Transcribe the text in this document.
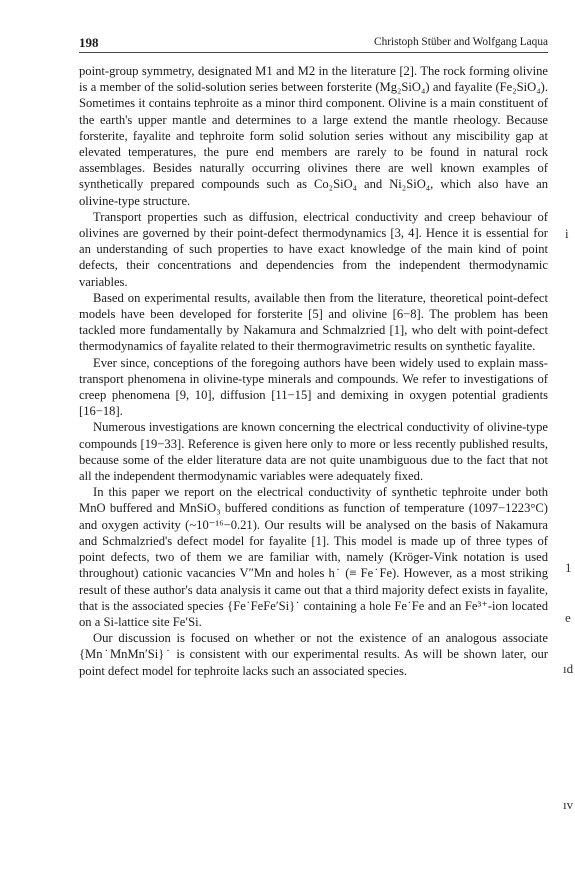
198	Christoph Stüber and Wolfgang Laqua

point-group symmetry, designated M1 and M2 in the literature [2]. The rock forming olivine is a member of the solid-solution series between forsterite (Mg₂SiO₄) and fayalite (Fe₂SiO₄). Sometimes it contains tephroite as a minor third component. Olivine is a main constituent of the earth's upper mantle and determines to a large extend the mantle rheology. Because forsterite, fayalite and tephroite form solid solution series without any miscibility gap at elevated temperatures, the pure end members are rarely to be found in natural rock assemblages. Besides naturally occurring olivines there are well known examples of synthetically prepared compounds such as Co₂SiO₄ and Ni₂SiO₄, which also have an olivine-type structure.

Transport properties such as diffusion, electrical conductivity and creep behaviour of olivines are governed by their point-defect thermodynamics [3, 4]. Hence it is essential for an understanding of such properties to have exact knowledge of the main kind of point defects, their concentrations and dependencies from the independent thermodynamic variables.

Based on experimental results, available then from the literature, theoretical point-defect models have been developed for forsterite [5] and olivine [6−8]. The problem has been tackled more fundamentally by Nakamura and Schmalzried [1], who delt with point-defect thermodynamics of fayalite related to their thermogravimetric results on synthetic fayalite.

Ever since, conceptions of the foregoing authors have been widely used to explain mass-transport phenomena in olivine-type minerals and compounds. We refer to investigations of creep phenomena [9, 10], diffusion [11−15] and demixing in oxygen potential gradients [16−18].

Numerous investigations are known concerning the electrical conductivity of olivine-type compounds [19−33]. Reference is given here only to more or less recently published results, because some of the elder literature data are not quite unambiguous due to the fact that not all the independent thermodynamic variables were adequately fixed.

In this paper we report on the electrical conductivity of synthetic tephroite under both MnO buffered and MnSiO₃ buffered conditions as function of temperature (1097−1223°C) and oxygen activity (~10⁻¹⁶−0.21). Our results will be analysed on the basis of Nakamura and Schmalzried's defect model for fayalite [1]. This model is made up of three types of point defects, two of them we are familiar with, namely (Kröger-Vink notation is used throughout) cationic vacancies V″Mn and holes h˙ (≡ Fe˙Fe). However, as a most striking result of these author's data analysis it came out that a third majority defect exists in fayalite, that is the associated species {Fe˙FeFe′Si}˙ containing a hole Fe˙Fe and an Fe³⁺-ion located on a Si-lattice site Fe′Si.

Our discussion is focused on whether or not the existence of an analogous associate {Mn˙MnMn′Si}˙ is consistent with our experimental results. As will be shown later, our point defect model for tephroite lacks such an associated species.

i
1
e
ıd
ıv
